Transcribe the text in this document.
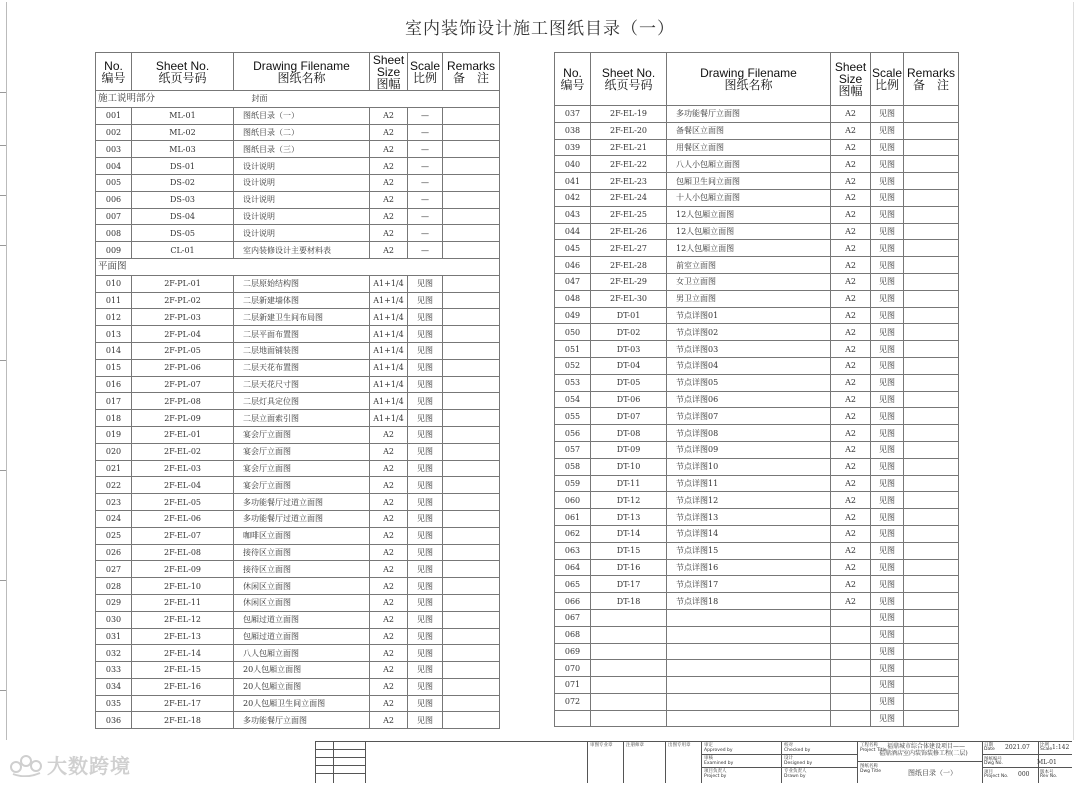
室内装饰设计施工图纸目录（一）
No.
编号	Sheet No.
纸页号码	Drawing Filename
图纸名称	Sheet
Size
图幅	Scale
比例	Remarks
备　注
施工说明部分		封面			
001	ML-01	图纸目录（一）	A2	—	
002	ML-02	图纸目录（二）	A2	—	
003	ML-03	图纸目录（三）	A2	—	
004	DS-01	设计说明	A2	—	
005	DS-02	设计说明	A2	—	
006	DS-03	设计说明	A2	—	
007	DS-04	设计说明	A2	—	
008	DS-05	设计说明	A2	—	
009	CL-01	室内装修设计主要材料表	A2	—	
平面图					
010	2F-PL-01	二层原始结构图	A1+1/4	见图	
011	2F-PL-02	二层新建墙体图	A1+1/4	见图	
012	2F-PL-03	二层新建卫生间布局图	A1+1/4	见图	
013	2F-PL-04	二层平面布置图	A1+1/4	见图	
014	2F-PL-05	二层地面铺装图	A1+1/4	见图	
015	2F-PL-06	二层天花布置图	A1+1/4	见图	
016	2F-PL-07	二层天花尺寸图	A1+1/4	见图	
017	2F-PL-08	二层灯具定位图	A1+1/4	见图	
018	2F-PL-09	二层立面索引图	A1+1/4	见图	
019	2F-EL-01	宴会厅立面图	A2	见图	
020	2F-EL-02	宴会厅立面图	A2	见图	
021	2F-EL-03	宴会厅立面图	A2	见图	
022	2F-EL-04	宴会厅立面图	A2	见图	
023	2F-EL-05	多功能餐厅过道立面图	A2	见图	
024	2F-EL-06	多功能餐厅过道立面图	A2	见图	
025	2F-EL-07	咖啡区立面图	A2	见图	
026	2F-EL-08	接待区立面图	A2	见图	
027	2F-EL-09	接待区立面图	A2	见图	
028	2F-EL-10	休闲区立面图	A2	见图	
029	2F-EL-11	休闲区立面图	A2	见图	
030	2F-EL-12	包厢过道立面图	A2	见图	
031	2F-EL-13	包厢过道立面图	A2	见图	
032	2F-EL-14	八人包厢立面图	A2	见图	
033	2F-EL-15	20人包厢立面图	A2	见图	
034	2F-EL-16	20人包厢立面图	A2	见图	
035	2F-EL-17	20人包厢卫生间立面图	A2	见图	
036	2F-EL-18	多功能餐厅立面图	A2	见图	
No.
编号	Sheet No.
纸页号码	Drawing Filename
图纸名称	Sheet
Size
图幅	Scale
比例	Remarks
备　注
037	2F-EL-19	多功能餐厅立面图	A2	见图	
038	2F-EL-20	备餐区立面图	A2	见图	
039	2F-EL-21	用餐区立面图	A2	见图	
040	2F-EL-22	八人小包厢立面图	A2	见图	
041	2F-EL-23	包厢卫生间立面图	A2	见图	
042	2F-EL-24	十人小包厢立面图	A2	见图	
043	2F-EL-25	12人包厢立面图	A2	见图	
044	2F-EL-26	12人包厢立面图	A2	见图	
045	2F-EL-27	12人包厢立面图	A2	见图	
046	2F-EL-28	前室立面图	A2	见图	
047	2F-EL-29	女卫立面图	A2	见图	
048	2F-EL-30	男卫立面图	A2	见图	
049	DT-01	节点详图01	A2	见图	
050	DT-02	节点详图02	A2	见图	
051	DT-03	节点详图03	A2	见图	
052	DT-04	节点详图04	A2	见图	
053	DT-05	节点详图05	A2	见图	
054	DT-06	节点详图06	A2	见图	
055	DT-07	节点详图07	A2	见图	
056	DT-08	节点详图08	A2	见图	
057	DT-09	节点详图09	A2	见图	
058	DT-10	节点详图10	A2	见图	
059	DT-11	节点详图11	A2	见图	
060	DT-12	节点详图12	A2	见图	
061	DT-13	节点详图13	A2	见图	
062	DT-14	节点详图14	A2	见图	
063	DT-15	节点详图15	A2	见图	
064	DT-16	节点详图16	A2	见图	
065	DT-17	节点详图17	A2	见图	
066	DT-18	节点详图18	A2	见图	
067				见图	
068				见图	
069				见图	
070				见图	
071				见图	
072				见图	
				见图	
审图专业章	注册师章	出图专用章	审定
Approved by
审核
Examined by
项目负责人
Project by
校对
Checked by
设计
Designed by
专业负责人
Drawn by
工程名称
Project Title
福鼎城市综合体建设项目——
福鼎酒店室内装饰装修工程(二层)
图纸名称
Dwg Title	图纸目录（一）
日期
Date 2021.07 比例
Scale 1:142
图纸编号
Dwg No.	ML-01
项目
Project No. 000 版本号
Rev No.
大数跨境
